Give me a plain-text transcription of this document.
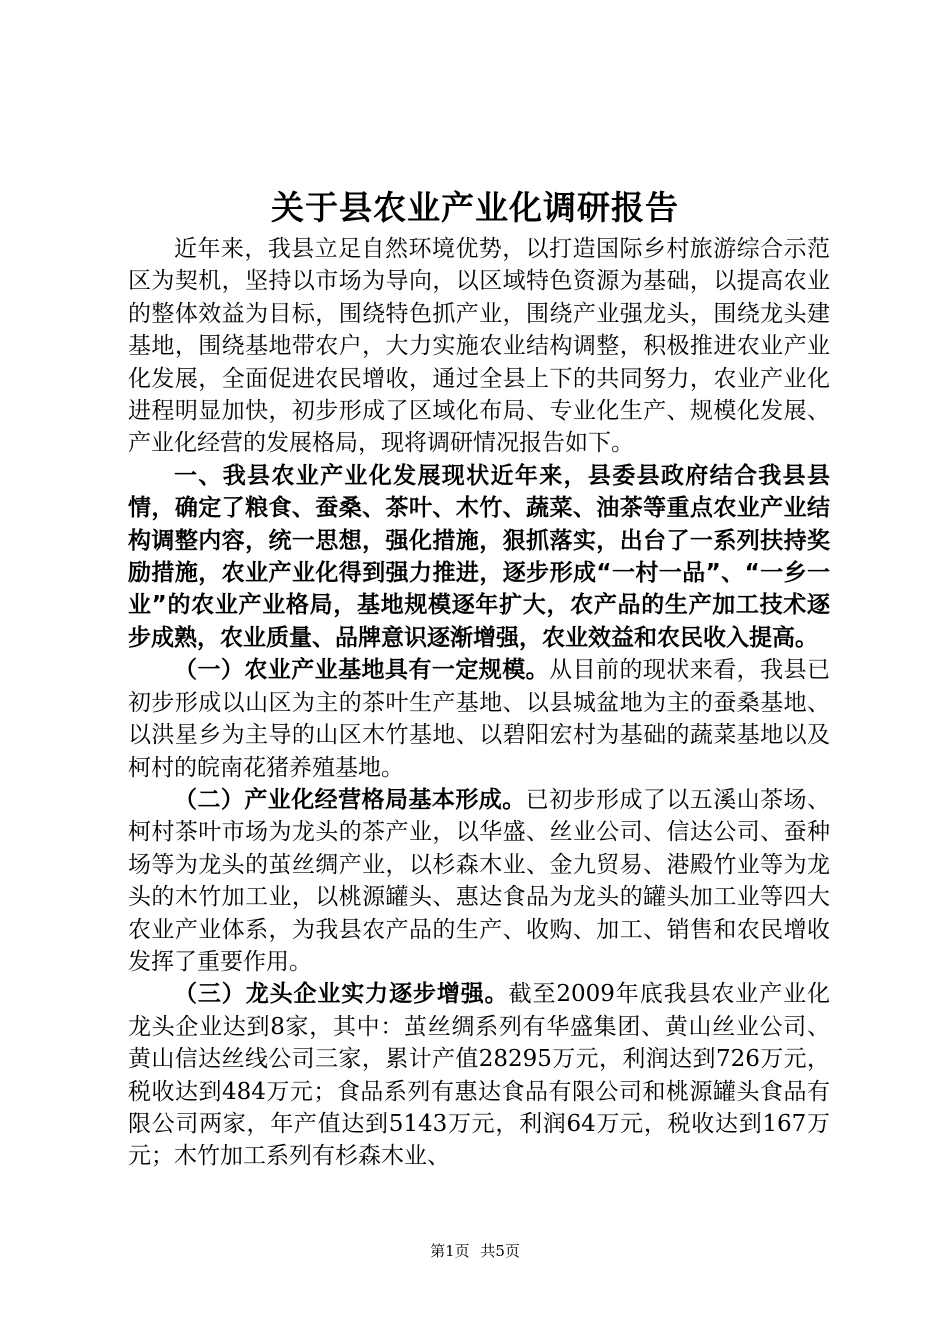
关于县农业产业化调研报告

近年来，我县立足自然环境优势，以打造国际乡村旅游综合示范区为契机，坚持以市场为导向，以区域特色资源为基础，以提高农业的整体效益为目标，围绕特色抓产业，围绕产业强龙头，围绕龙头建基地，围绕基地带农户，大力实施农业结构调整，积极推进农业产业化发展，全面促进农民增收，通过全县上下的共同努力，农业产业化进程明显加快，初步形成了区域化布局、专业化生产、规模化发展、产业化经营的发展格局，现将调研情况报告如下。

一、我县农业产业化发展现状近年来，县委县政府结合我县县情，确定了粮食、蚕桑、茶叶、木竹、蔬菜、油茶等重点农业产业结构调整内容，统一思想，强化措施，狠抓落实，出台了一系列扶持奖励措施，农业产业化得到强力推进，逐步形成“一村一品”、“一乡一业”的农业产业格局，基地规模逐年扩大，农产品的生产加工技术逐步成熟，农业质量、品牌意识逐渐增强，农业效益和农民收入提高。

（一）农业产业基地具有一定规模。从目前的现状来看，我县已初步形成以山区为主的茶叶生产基地、以县城盆地为主的蚕桑基地、以洪星乡为主导的山区木竹基地、以碧阳宏村为基础的蔬菜基地以及柯村的皖南花猪养殖基地。

（二）产业化经营格局基本形成。已初步形成了以五溪山茶场、柯村茶叶市场为龙头的茶产业，以华盛、丝业公司、信达公司、蚕种场等为龙头的茧丝绸产业，以杉森木业、金九贸易、港殿竹业等为龙头的木竹加工业，以桃源罐头、惠达食品为龙头的罐头加工业等四大农业产业体系，为我县农产品的生产、收购、加工、销售和农民增收发挥了重要作用。

（三）龙头企业实力逐步增强。截至2009年底我县农业产业化龙头企业达到8家，其中：茧丝绸系列有华盛集团、黄山丝业公司、黄山信达丝线公司三家，累计产值28295万元，利润达到726万元，税收达到484万元；食品系列有惠达食品有限公司和桃源罐头食品有限公司两家，年产值达到5143万元，利润64万元，税收达到167万元；木竹加工系列有杉森木业、

第1页 共5页
